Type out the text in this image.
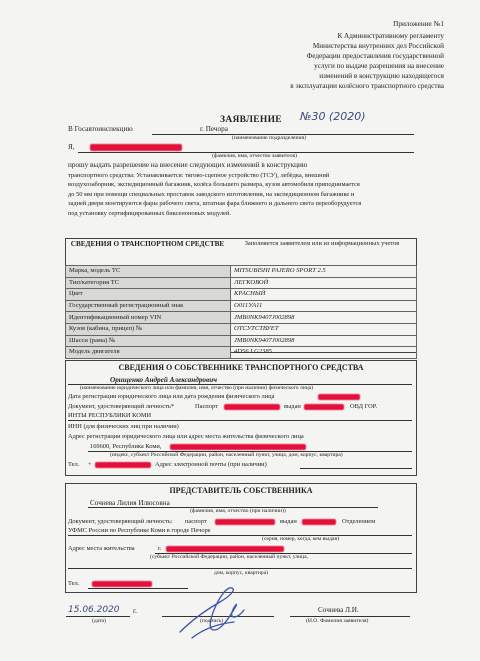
Приложение №1
К Административному регламенту
Министерства внутренних дел Российской
Федерации предоставления государственной
услуги по выдаче разрешения на внесение
изменений в конструкцию находящегося
в эксплуатации колёсного транспортного средства
ЗАЯВЛЕНИЕ №30 (2020)
В Госавтоинспекцию	г. Печора
(наименование подразделения)
Я,
(фамилия, имя, отчество заявителя)
прошу выдать разрешение на внесение следующих изменений в конструкцию
транспортного средства: Устанавливается: тягово-сцепное устройство (ТСУ), лебёдка, внешний
воздухозаборник, экспедиционный багажник, колёса большего размера, кузов автомобиля приподнимается
до 50 мм при помощи специальных проставок заводского изготовления, на экспедиционном багажнике и
задней двери монтируются фары рабочего света, штатная фара ближнего и дальнего света переоборудуется
под установку сертифицированных биксеноновых модулей.
СВЕДЕНИЯ О ТРАНСПОРТНОМ СРЕДСТВЕ	Заполняется заявителем или из информационных учетов
Марка, модель ТС	MITSUBISHI PAJERO SPORT 2.5
Тип/категория ТС	ЛЕГКОВОЙ
Цвет	КРАСНЫЙ
Государственный регистрационный знак	О011УА11
Идентификационный номер VIN	JMB0NK9407J002898
Кузов (кабина, прицеп) №	ОТСУТСТВУЕТ
Шасси (рама) №	JMB0NK9407J002898
Модель двигателя	4D56 LG2385
СВЕДЕНИЯ О СОБСТВЕННИКЕ ТРАНСПОРТНОГО СРЕДСТВА
Орищенко Андрей Александрович
(наименование юридического лица или фамилия, имя, отчество (при наличии) физического лица)
Дата регистрации юридического лица или дата рождения физического лица
Документ, удостоверяющий личность*	Паспорт	выдан	ОВД ГОР.
ИНТЫ РЕСПУБЛИКИ КОМИ
ИНН (для физических лиц при наличии)
Адрес регистрации юридического лица или адрес места жительства физического лица
169600, Республика Коми,
(индекс, субъект Российской Федерации, район, населенный пункт, улица, дом, корпус, квартира)
Тел. +	Адрес электронной почты (при наличии)
ПРЕДСТАВИТЕЛЬ СОБСТВЕННИКА
Сочнева Лилия Илюсовна
(фамилия, имя, отчество (при наличии))
Документ, удостоверяющий личность: паспорт	выдан	Отделением
УФМС России по Республике Коми в городе Печоре
(серия, номер, когда, кем выдан)
Адрес места жительства	г.
(субъект Российской Федерации, район, населенный пункт, улица,
дом, корпус, квартира)
Тел.
15.06.2020 г.
(дата)	(подпись)
Сочнева Л.И.
(И.О. Фамилия заявителя)
